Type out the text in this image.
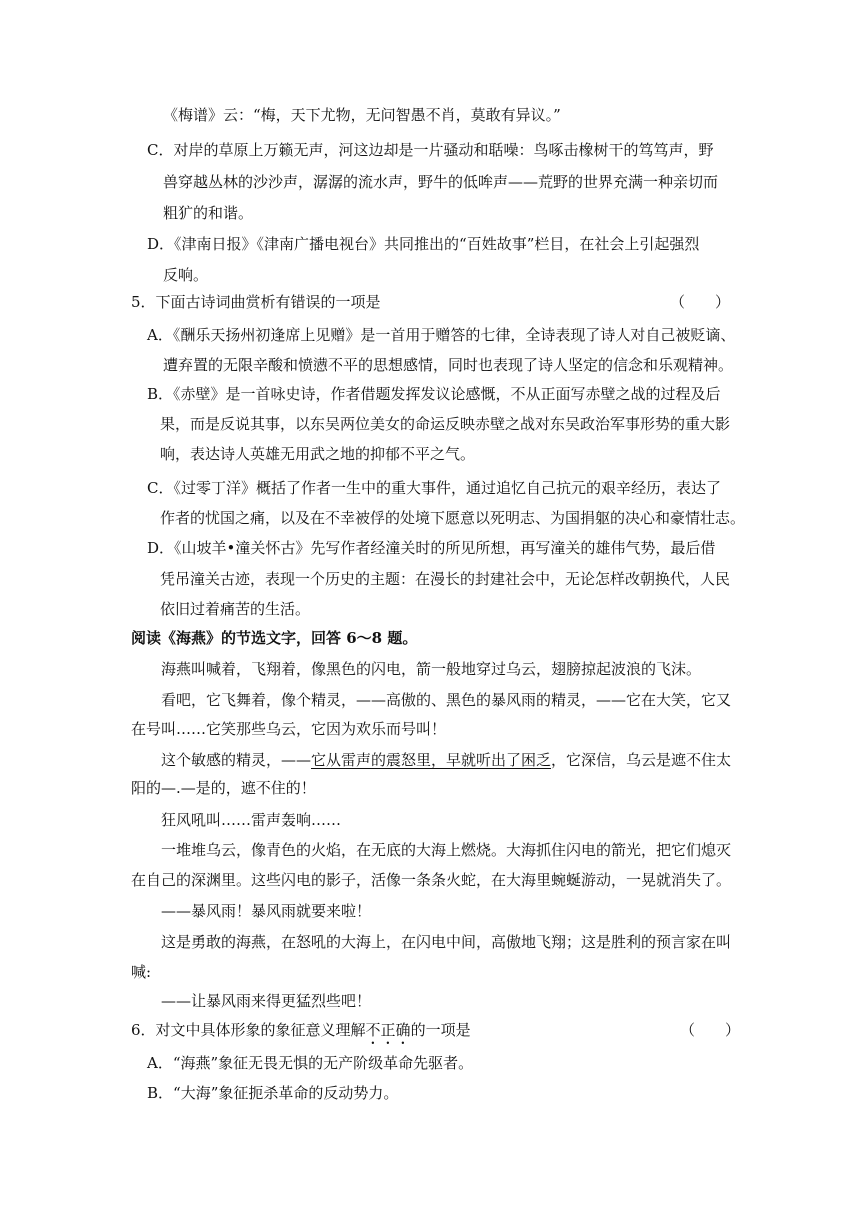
《梅谱》云：“梅，天下尤物，无问智愚不肖，莫敢有异议。”
C．对岸的草原上万籁无声，河这边却是一片骚动和聒噪：鸟啄击橡树干的笃笃声，野
兽穿越丛林的沙沙声，潺潺的流水声，野牛的低哞声——荒野的世界充满一种亲切而
粗犷的和谐。
D．《津南日报》《津南广播电视台》共同推出的“百姓故事”栏目，在社会上引起强烈
反响。
5．下面古诗词曲赏析有错误的一项是	（　　）
A．《酬乐天扬州初逢席上见赠》是一首用于赠答的七律，全诗表现了诗人对自己被贬谪、
遭弃置的无限辛酸和愤懑不平的思想感情，同时也表现了诗人坚定的信念和乐观精神。
B．《赤壁》是一首咏史诗，作者借题发挥发议论感慨，不从正面写赤壁之战的过程及后
果，而是反说其事，以东吴两位美女的命运反映赤壁之战对东吴政治军事形势的重大影
响，表达诗人英雄无用武之地的抑郁不平之气。
C．《过零丁洋》概括了作者一生中的重大事件，通过追忆自己抗元的艰辛经历，表达了
作者的忧国之痛，以及在不幸被俘的处境下愿意以死明志、为国捐躯的决心和豪情壮志。
D．《山坡羊•潼关怀古》先写作者经潼关时的所见所想，再写潼关的雄伟气势，最后借
凭吊潼关古迹，表现一个历史的主题：在漫长的封建社会中，无论怎样改朝换代，人民
依旧过着痛苦的生活。
阅读《海燕》的节选文字，回答 6～8 题。
海燕叫喊着，飞翔着，像黑色的闪电，箭一般地穿过乌云，翅膀掠起波浪的飞沫。
看吧，它飞舞着，像个精灵，——高傲的、黑色的暴风雨的精灵，——它在大笑，它又
在号叫……它笑那些乌云，它因为欢乐而号叫！
这个敏感的精灵，——它从雷声的震怒里，早就听出了困乏，它深信，乌云是遮不住太
阳的—.—是的，遮不住的！
狂风吼叫……雷声轰响……
一堆堆乌云，像青色的火焰，在无底的大海上燃烧。大海抓住闪电的箭光，把它们熄灭
在自己的深渊里。这些闪电的影子，活像一条条火蛇，在大海里蜿蜒游动，一晃就消失了。
——暴风雨！暴风雨就要来啦！
这是勇敢的海燕，在怒吼的大海上，在闪电中间，高傲地飞翔；这是胜利的预言家在叫
喊:
——让暴风雨来得更猛烈些吧！
6．对文中具体形象的象征意义理解不正确的一项是	（　　）
A．“海燕”象征无畏无惧的无产阶级革命先驱者。
B．“大海”象征扼杀革命的反动势力。
